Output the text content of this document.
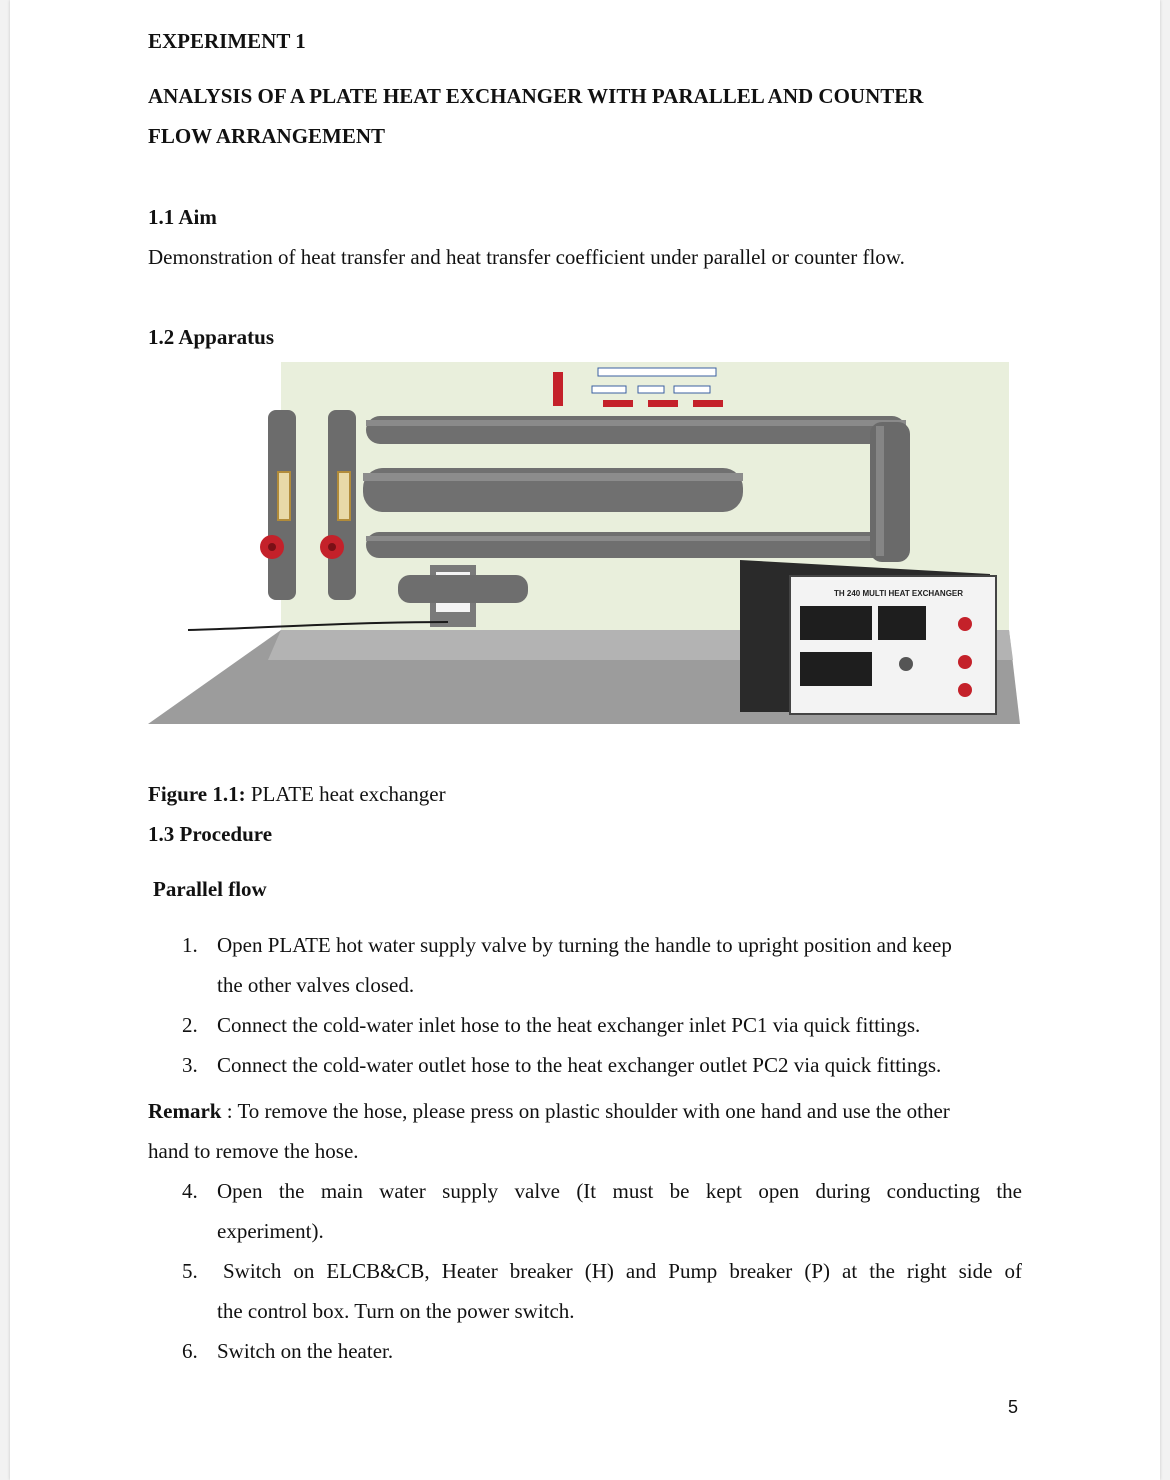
EXPERIMENT 1
ANALYSIS OF A PLATE HEAT EXCHANGER WITH PARALLEL AND COUNTER
FLOW ARRANGEMENT
1.1 Aim
Demonstration of heat transfer and heat transfer coefficient under parallel or counter flow.
1.2 Apparatus
TH 240 MULTI HEAT EXCHANGER
Figure 1.1: PLATE heat exchanger
1.3 Procedure
Parallel flow
1. Open PLATE hot water supply valve by turning the handle to upright position and keep
the other valves closed.
2. Connect the cold-water inlet hose to the heat exchanger inlet PC1 via quick fittings.
3. Connect the cold-water outlet hose to the heat exchanger outlet PC2 via quick fittings.
Remark : To remove the hose, please press on plastic shoulder with one hand and use the other
hand to remove the hose.
4. Open the main water supply valve (It must be kept open during conducting the
experiment).
5. Switch on ELCB&CB, Heater breaker (H) and Pump breaker (P) at the right side of
the control box. Turn on the power switch.
6. Switch on the heater.
5
